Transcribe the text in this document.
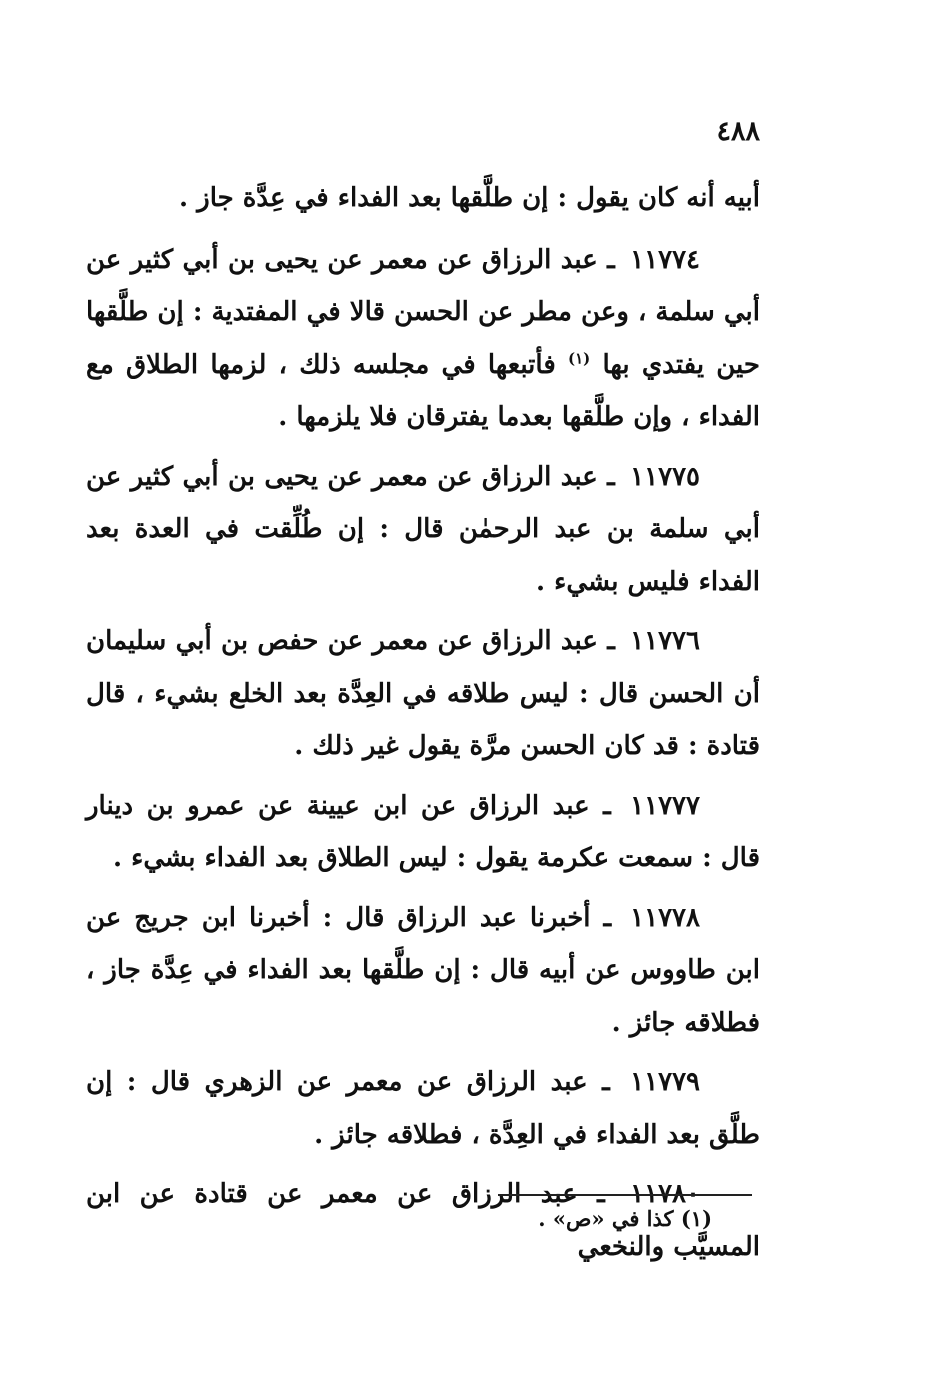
٤٨٨

أبيه أنه كان يقول : إن طلَّقها بعد الفداء في عِدَّة جاز .

١١٧٧٤ ـ عبد الرزاق عن معمر عن يحيى بن أبي كثير عن أبي سلمة ، وعن مطر عن الحسن قالا في المفتدية : إن طلَّقها حين يفتدي بها $^{(١)}$ فأتبعها في مجلسه ذلك ، لزمها الطلاق مع الفداء ، وإن طلَّقها بعدما يفترقان فلا يلزمها .

١١٧٧٥ ـ عبد الرزاق عن معمر عن يحيى بن أبي كثير عن أبي سلمة بن عبد الرحمٰن قال : إن طُلِّقت في العدة بعد الفداء فليس بشيء .

١١٧٧٦ ـ عبد الرزاق عن معمر عن حفص بن أبي سليمان أن الحسن قال : ليس طلاقه في العِدَّة بعد الخلع بشيء ، قال قتادة : قد كان الحسن مرَّة يقول غير ذلك .

١١٧٧٧ ـ عبد الرزاق عن ابن عيينة عن عمرو بن دينار قال : سمعت عكرمة يقول : ليس الطلاق بعد الفداء بشيء .

١١٧٧٨ ـ أخبرنا عبد الرزاق قال : أخبرنا ابن جريج عن ابن طاووس عن أبيه قال : إن طلَّقها بعد الفداء في عِدَّة جاز ، فطلاقه جائز .

١١٧٧٩ ـ عبد الرزاق عن معمر عن الزهري قال : إن طلَّق بعد الفداء في العِدَّة ، فطلاقه جائز .

١١٧٨٠ ـ عبد الرزاق عن معمر عن قتادة عن ابن المسيَّب والنخعي

(١) كذا في «ص» .
